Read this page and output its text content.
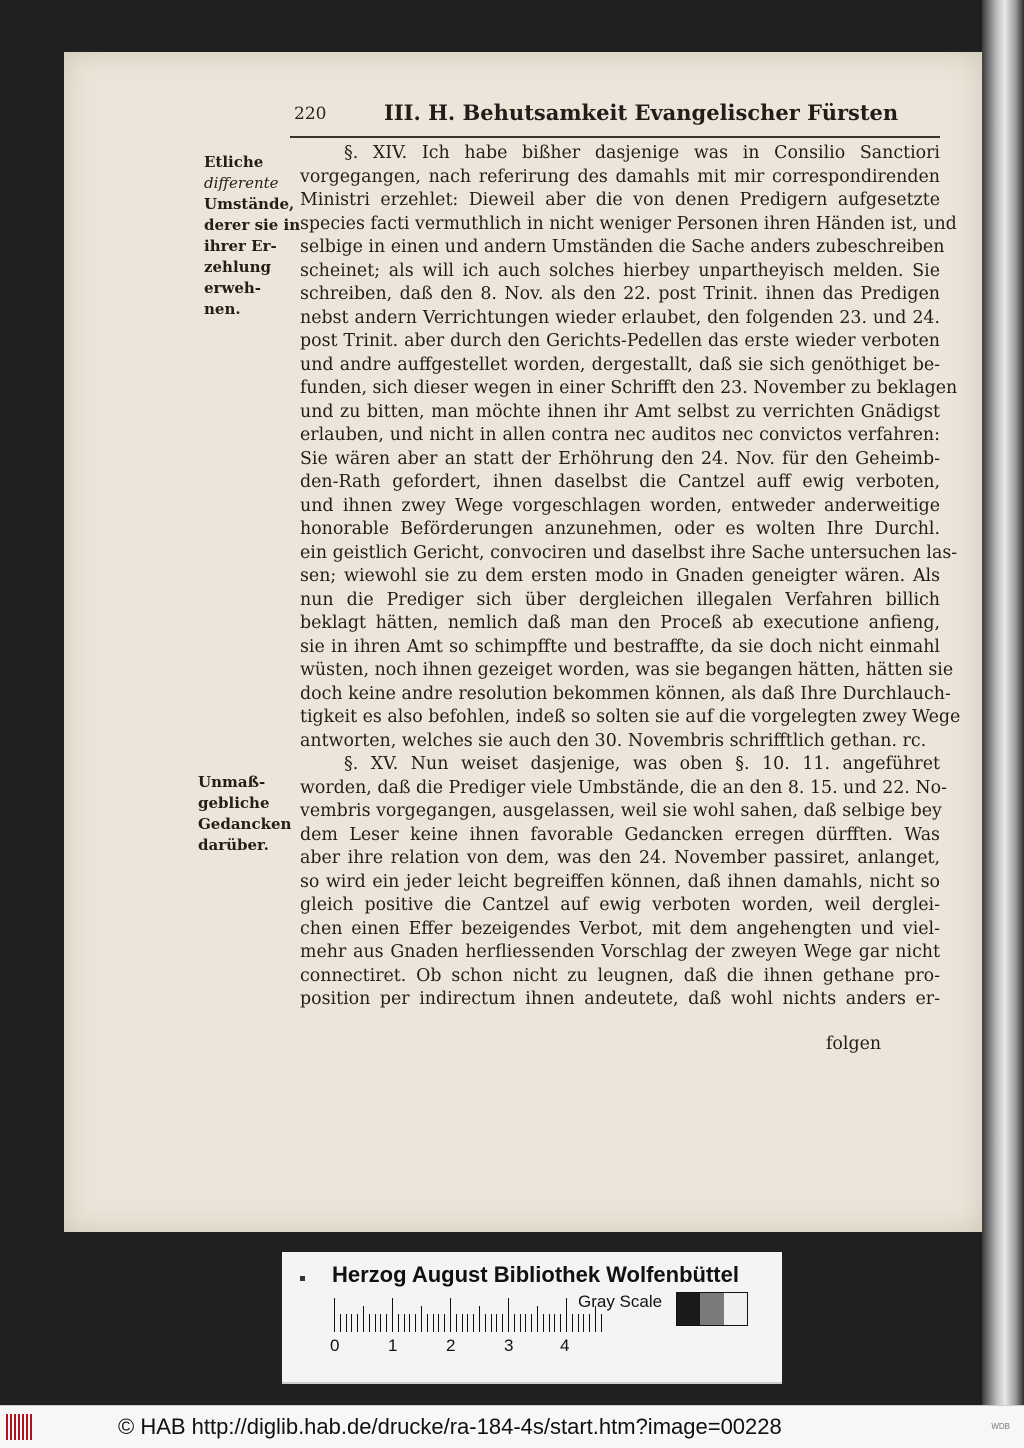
220	III. H. Behutsamkeit Evangelischer Fürsten
Etliche
differente
Umstände,
derer sie in
ihrer Er-
zehlung
erweh-
nen.
Unmaß-
gebliche
Gedancken
darüber.
§. XIV. Ich habe bißher dasjenige was in Consilio Sanctiori
vorgegangen, nach referirung des damahls mit mir correspondirenden
Ministri erzehlet: Dieweil aber die von denen Predigern aufgesetzte
species facti vermuthlich in nicht weniger Personen ihren Händen ist, und
selbige in einen und andern Umständen die Sache anders zubeschreiben
scheinet; als will ich auch solches hierbey unpartheyisch melden. Sie
schreiben, daß den 8. Nov. als den 22. post Trinit. ihnen das Predigen
nebst andern Verrichtungen wieder erlaubet, den folgenden 23. und 24.
post Trinit. aber durch den Gerichts-Pedellen das erste wieder verboten
und andre auffgestellet worden, dergestallt, daß sie sich genöthiget be-
funden, sich dieser wegen in einer Schrifft den 23. November zu beklagen
und zu bitten, man möchte ihnen ihr Amt selbst zu verrichten Gnädigst
erlauben, und nicht in allen contra nec auditos nec convictos verfahren:
Sie wären aber an statt der Erhöhrung den 24. Nov. für den Geheimb-
den-Rath gefordert, ihnen daselbst die Cantzel auff ewig verboten,
und ihnen zwey Wege vorgeschlagen worden, entweder anderweitige
honorable Beförderungen anzunehmen, oder es wolten Ihre Durchl.
ein geistlich Gericht, convociren und daselbst ihre Sache untersuchen las-
sen; wiewohl sie zu dem ersten modo in Gnaden geneigter wären. Als
nun die Prediger sich über dergleichen illegalen Verfahren billich
beklagt hätten, nemlich daß man den Proceß ab executione anfieng,
sie in ihren Amt so schimpffte und bestraffte, da sie doch nicht einmahl
wüsten, noch ihnen gezeiget worden, was sie begangen hätten, hätten sie
doch keine andre resolution bekommen können, als daß Ihre Durchlauch-
tigkeit es also befohlen, indeß so solten sie auf die vorgelegten zwey Wege
antworten, welches sie auch den 30. Novembris schrifftlich gethan. rc.
§. XV. Nun weiset dasjenige, was oben §. 10. 11. angeführet
worden, daß die Prediger viele Umbstände, die an den 8. 15. und 22. No-
vembris vorgegangen, ausgelassen, weil sie wohl sahen, daß selbige bey
dem Leser keine ihnen favorable Gedancken erregen dürfften. Was
aber ihre relation von dem, was den 24. November passiret, anlanget,
so wird ein jeder leicht begreiffen können, daß ihnen damahls, nicht so
gleich positive die Cantzel auf ewig verboten worden, weil derglei-
chen einen Effer bezeigendes Verbot, mit dem angehengten und viel-
mehr aus Gnaden herfliessenden Vorschlag der zweyen Wege gar nicht
connectiret. Ob schon nicht zu leugnen, daß die ihnen gethane pro-
position per indirectum ihnen andeutete, daß wohl nichts anders er-
folgen
Herzog August Bibliothek Wolfenbüttel
0	1	2	3	4
Gray Scale
© HAB http://diglib.hab.de/drucke/ra-184-4s/start.htm?image=00228	WDB
